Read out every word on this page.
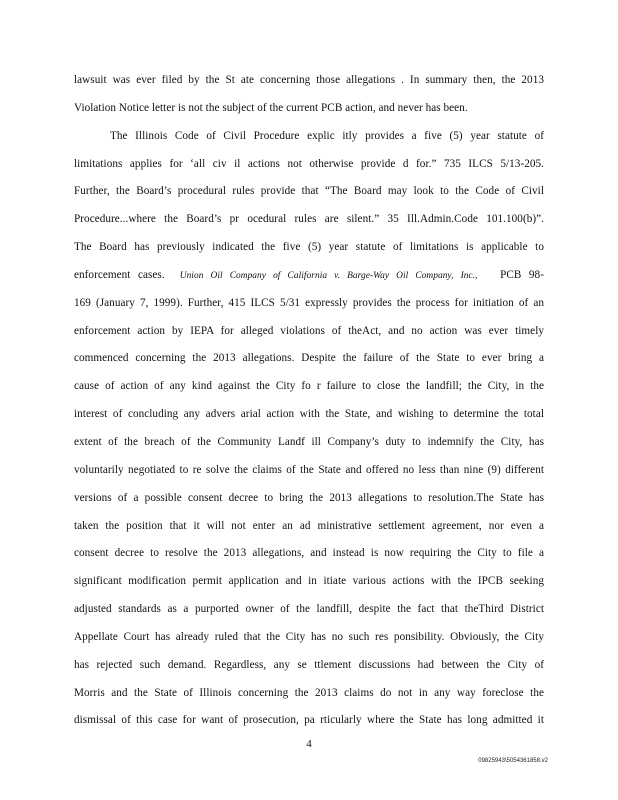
lawsuit was ever filed by the St ate concerning those allegations . In summary then, the 2013
Violation Notice letter is not the subject of the current PCB action, and never has been.
The Illinois Code of Civil Procedure explic itly provides a five (5) year statute of
limitations applies for ‘all civ il actions not otherwise provide d for.” 735 ILCS 5/13-205.
Further, the Board’s procedural rules provide that “The Board may look to the Code of Civil
Procedure...where the Board’s pr ocedural rules are silent.” 35 Ill.Admin.Code 101.100(b)”.
The Board has previously indicated the five (5) year statute of limitations is applicable to
enforcement cases. Union Oil Company of California v. Barge-Way Oil Company, Inc., PCB 98-
169 (January 7, 1999). Further, 415 ILCS 5/31 expressly provides the process for initiation of an
enforcement action by IEPA for alleged violations of theAct, and no action was ever timely
commenced concerning the 2013 allegations. Despite the failure of the State to ever bring a
cause of action of any kind against the City fo r failure to close the landfill; the City, in the
interest of concluding any advers arial action with the State, and wishing to determine the total
extent of the breach of the Community Landf ill Company’s duty to indemnify the City, has
voluntarily negotiated to re solve the claims of the State and offered no less than nine (9) different
versions of a possible consent decree to bring the 2013 allegations to resolution.The State has
taken the position that it will not enter an ad ministrative settlement agreement, nor even a
consent decree to resolve the 2013 allegations, and instead is now requiring the City to file a
significant modification permit application and in itiate various actions with the IPCB seeking
adjusted standards as a purported owner of the landfill, despite the fact that theThird District
Appellate Court has already ruled that the City has no such res ponsibility. Obviously, the City
has rejected such demand. Regardless, any se ttlement discussions had between the City of
Morris and the State of Illinois concerning the 2013 claims do not in any way foreclose the
dismissal of this case for want of prosecution, pa rticularly where the State has long admitted it
4
09825943\5054361858.v2
